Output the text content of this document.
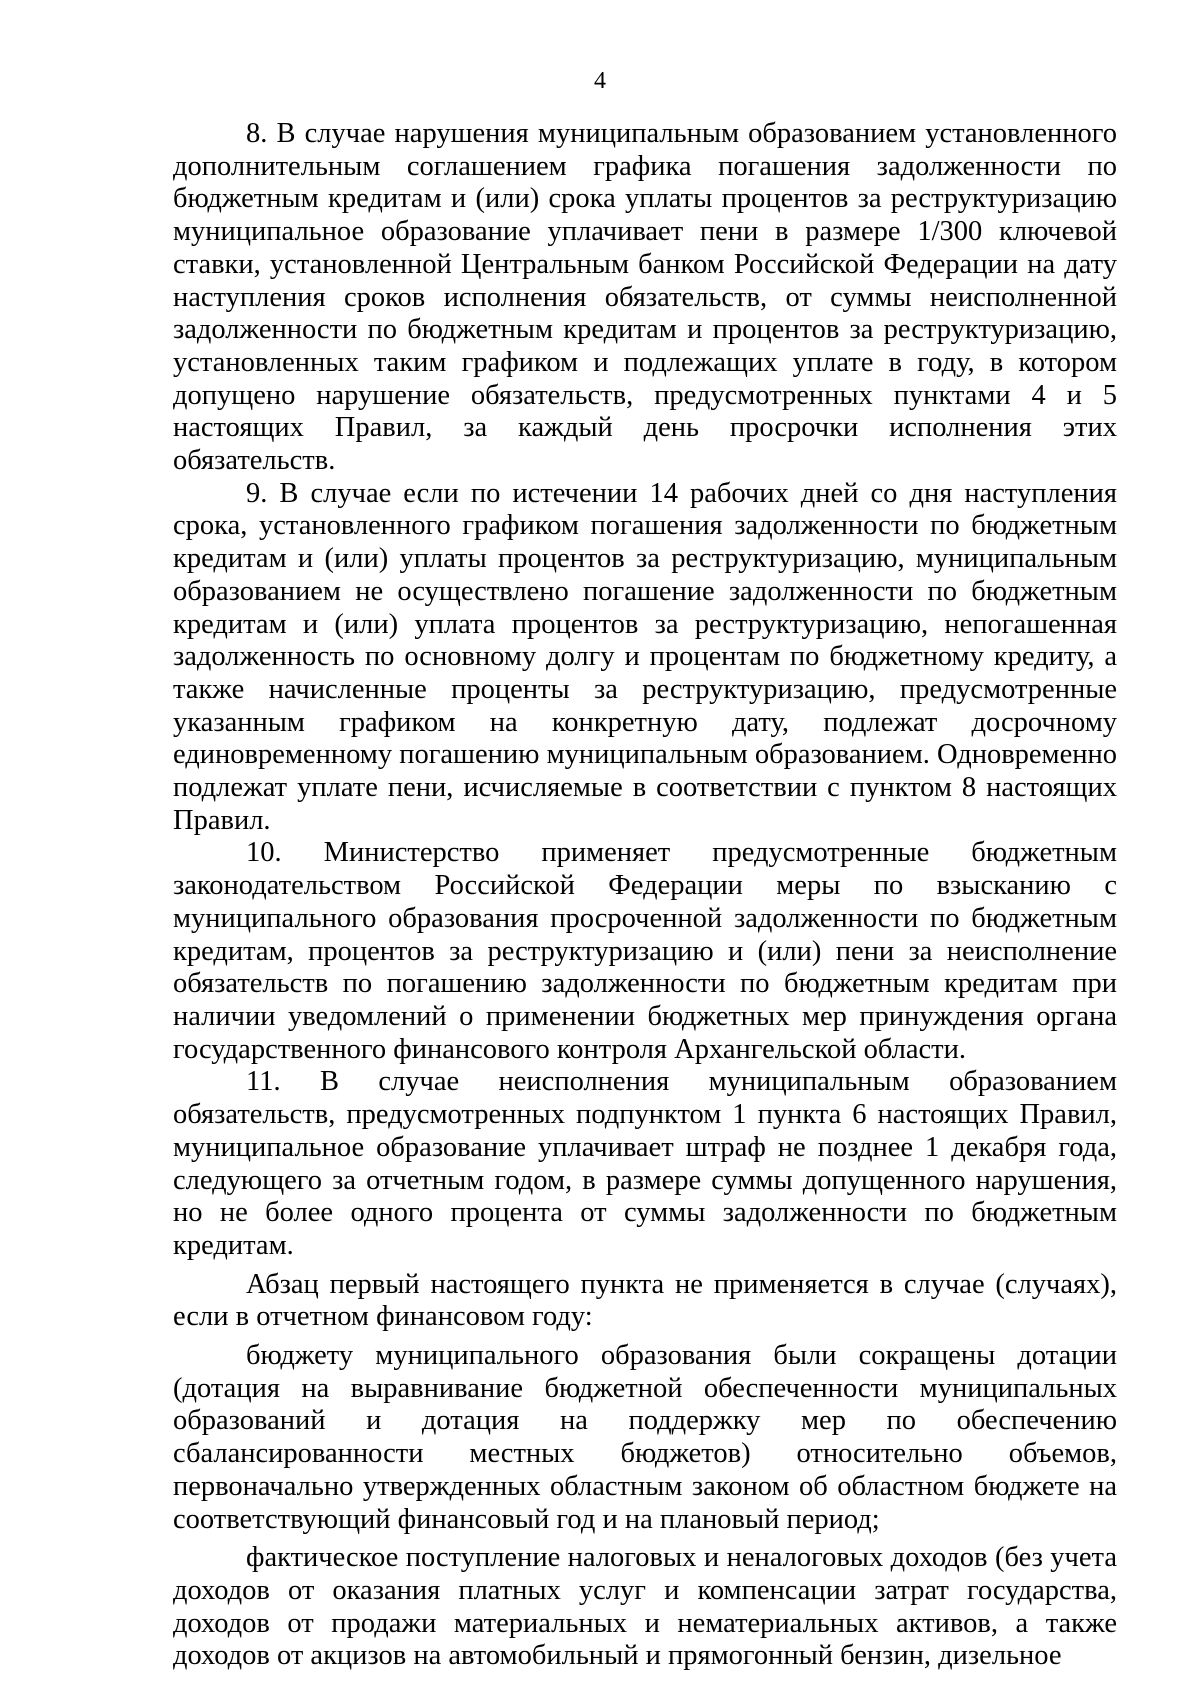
4

8. В случае нарушения муниципальным образованием установленного дополнительным соглашением графика погашения задолженности по бюджетным кредитам и (или) срока уплаты процентов за реструктуризацию муниципальное образование уплачивает пени в размере 1/300 ключевой ставки, установленной Центральным банком Российской Федерации на дату наступления сроков исполнения обязательств, от суммы неисполненной задолженности по бюджетным кредитам и процентов за реструктуризацию, установленных таким графиком и подлежащих уплате в году, в котором допущено нарушение обязательств, предусмотренных пунктами 4 и 5 настоящих Правил, за каждый день просрочки исполнения этих обязательств.

9. В случае если по истечении 14 рабочих дней со дня наступления срока, установленного графиком погашения задолженности по бюджетным кредитам и (или) уплаты процентов за реструктуризацию, муниципальным образованием не осуществлено погашение задолженности по бюджетным кредитам и (или) уплата процентов за реструктуризацию, непогашенная задолженность по основному долгу и процентам по бюджетному кредиту, а также начисленные проценты за реструктуризацию, предусмотренные указанным графиком на конкретную дату, подлежат досрочному единовременному погашению муниципальным образованием. Одновременно подлежат уплате пени, исчисляемые в соответствии с пунктом 8 настоящих Правил.

10. Министерство применяет предусмотренные бюджетным законодательством Российской Федерации меры по взысканию с муниципального образования просроченной задолженности по бюджетным кредитам, процентов за реструктуризацию и (или) пени за неисполнение обязательств по погашению задолженности по бюджетным кредитам при наличии уведомлений о применении бюджетных мер принуждения органа государственного финансового контроля Архангельской области.

11. В случае неисполнения муниципальным образованием обязательств, предусмотренных подпунктом 1 пункта 6 настоящих Правил, муниципальное образование уплачивает штраф не позднее 1 декабря года, следующего за отчетным годом, в размере суммы допущенного нарушения, но не более одного процента от суммы задолженности по бюджетным кредитам.

Абзац первый настоящего пункта не применяется в случае (случаях), если в отчетном финансовом году:

бюджету муниципального образования были сокращены дотации (дотация на выравнивание бюджетной обеспеченности муниципальных образований и дотация на поддержку мер по обеспечению сбалансированности местных бюджетов) относительно объемов, первоначально утвержденных областным законом об областном бюджете на соответствующий финансовый год и на плановый период;

фактическое поступление налоговых и неналоговых доходов (без учета доходов от оказания платных услуг и компенсации затрат государства, доходов от продажи материальных и нематериальных активов, а также доходов от акцизов на автомобильный и прямогонный бензин, дизельное
